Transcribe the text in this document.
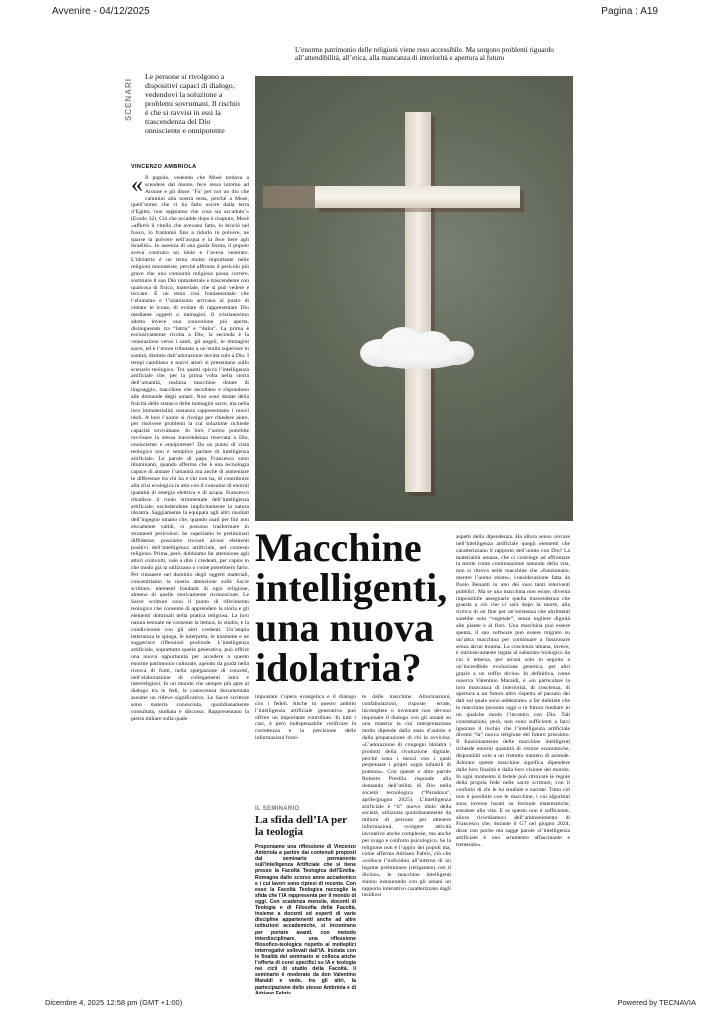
Avvenire - 04/12/2025	Pagina : A19
L’enorme patrimonio delle religioni viene reso accessibile. Ma sorgono problemi riguardo all’attendibilità, all’etica, alla mancanza di interiorità e apertura al futuro
SCENARI
Le persone si rivolgono a dispositivi capaci di dialogo, vedendovi la soluzione a problemi sovrumani. Il rischio è che si ravvisi in essi la trascendenza del Dio onnisciente e onnipotente
VINCENZO AMBRIOLA
« Il popolo, vedendo che Mosè tardava a scendere dal monte, fece ressa intorno ad Aronne e gli disse: ‘Fa’ per noi un dio che cammini alla nostra testa, perché a Mosè, quell’uomo che ci ha fatto uscire dalla terra d’Egitto, non sappiamo che cosa sia accaduto’» (Esodo 32). Ciò che accadde dopo è risaputo, Mosè «afferrò il vitello che avevano fatto, lo bruciò nel fuoco, lo frantumò fino a ridurlo in polvere, ne sparse la polvere nell’acqua e la fece bere agli Israeliti». In assenza di una guida ferma, il popolo aveva costruito un idolo e l’aveva venerato. L’idolatria è un tema molto importante nelle religioni monoteiste, perché affronta il pericolo più grave che una comunità religiosa possa correre, sostituire il suo Dio immateriale e trascendente con qualcosa di fisico, materiale, che si può vedere e toccare. È un tema così fondamentale che l’ebraismo e l’islamismo arrivano al punto di vietare le icone, di evitare di rappresentare Dio mediante oggetti o immagini. Il cristianesimo adotta invece una concezione più aperta, distinguendo tra “latria” e “dulia”. La prima è esclusivamente rivolta a Dio, la seconda è la venerazione verso i santi, gli angeli, le immagini sacre, ed è l’onore tributato a un’entità superiore in santità, distinto dall’adorazione dovuta solo a Dio. I tempi cambiano e nuovi attori si presentano sullo scenario teologico. Tra questi spicca l’intelligenza artificiale che, per la prima volta nella storia dell’umanità, realizza macchine dotate di linguaggio, macchine che ascoltano e rispondono alle domande degli umani. Non sono dotate della fisicità delle statue e delle immagini sacre, ma nella loro immaterialità sostanza rappresentano i nuovi idoli. A loro l’uomo si rivolge per chiedere aiuto, per risolvere problemi la cui soluzione richiede capacità sovrumane. In loro l’uomo potrebbe ravvisare la stessa trascendenza riservata a Dio, onnisciente e onnipotente? Da un punto di vista teologico non è semplice parlare di intelligenza artificiale. Le parole di papa Francesco sono illuminanti, quando afferma che è una tecnologia capace di aiutare l’umanità ma anche di aumentare le differenze tra chi ha e chi non ha, di contribuire alla crisi ecologica in atto con il consumo di enormi quantità di energia elettrica e di acqua. Francesco ribadisce il ruolo strumentale dell’intelligenza artificiale, escludendone implicitamente la natura idolatra. Saggiamente la equipara agli altri risultati dell’ingegno umano che, quando usati per fini non eticamente validi, si possono trasformare in strumenti pericolosi. Se superiamo le preliminari diffidenze, possiamo trovare alcuni elementi positivi dell’intelligenza artificiale, nel contesto religioso. Prima, però, dobbiamo far attenzione agli attori coinvolti, vale a dire i credenti, per capire in che modo già la utilizzano o come potrebbero farlo. Per rimanere nel dominio degli oggetti materiali, concentriamo la nostra attenzione sulle Sacre scritture, elementi fondanti di ogni religione, almeno di quelle storicamente riconosciute. Le Sacre scritture sono il punto di riferimento teologico che consente di apprendere la storia e gli elementi dottrinali della pratica religiosa. La loro natura testuale ne consente la lettura, lo studio, e la condivisione con gli altri credenti. Un’ampia letteratura le spiega, le interpreta, le trasmette e ne suggerisce riflessioni profonde. L’intelligenza artificiale, soprattutto quella generativa, può offrire una nuova opportunità per accedere a questo enorme patrimonio culturale, agendo da guida nella ricerca di fonti, nella spiegazione di concetti, nell’elaborazione di collegamenti intra e interreligiosi. In un mondo che sempre più apre al dialogo tra le fedi, la conoscenza documentata assume un rilievo significativo. Le Sacre scritture sono materia conosciuta, quotidianamente consultata, studiata e discussa. Rappresentano la pietra miliare sulla quale
Macchine intelligenti, una nuova idolatria?
impostare l’opera evangelica e il dialogo con i fedeli. Anche in questo ambito l’intelligenza artificiale generativa può offrire un importante contributo. In tutti i casi, è però indispensabile verificare la correttezza e la precisione delle informazioni forni-
te dalle macchine. Allucinazioni, confabulazioni, risposte errate, incomplete o inventate non devono inquinare il dialogo con gli umani su una materia la cui interpretazione molto dipende dallo stato d’animo e dalla preparazione di chi la avvicina. «L’adorazione di congegni idolatra i prodotti della rivoluzione digitale, perché sono i mezzi con i quali perpetuare i propri sogni infantili di potenza». Con queste e altre parole Roberto Presilla risponde alla domanda dell’utilità di Dio nella società tecnologica (“Paradoxa”, aprile/giugno 2025). L’intelligenza artificiale è “il” nuovo idolo della società, utilizzata quotidianamente da milioni di persone per ottenere informazioni, svolgere attività lavorative anche complesse, ma anche per svago e conforto psicologico. Se la religione non è l’oppio dei popoli ma, come afferma Adriano Fabris, ciò che «colloca l’individuo all’interno di un legame preliminare (religamen) con il divino», le macchine intelligenti stanno instaurando con gli umani un rapporto interattivo caratterizzato dagli insidiosi
aspetti della dipendenza. Ha allora senso cercare nell’intelligenza artificiale quegli elementi che caratterizzano il rapporto dell’uomo con Dio? La materialità umana, che ci costringe ad affrontare la morte come continuazione naturale della vita, non si ritrova nelle macchine che «funzionano, mentre l’uomo esiste», considerazione fatta da Paolo Benanti in uno dei suoi tanti interventi pubblici. Ma se una macchina non esiste, diventa impossibile assegnarle quella trascendenza che guarda a ciò che ci sarà dopo la morte, alla ricerca di un fine per un’esistenza che altrimenti sarebbe solo “vegetale”, senza togliere dignità alle piante e ai fiori. Una macchina può essere spenta, il suo software può essere migrato su un’altra macchina per continuare a funzionare senza alcun trauma. La coscienza umana, invece, è intrinsecamente legata al substrato biologico da cui è emersa, per alcuni solo in seguito a un’incredibile evoluzione genetica, per altri grazie a un soffio divino. In definitiva, come osserva Valentino Maraldi, è «in particolare la loro mancanza di interiorità, di coscienza, di apertura a un futuro altro rispetto al passato dei dati sul quale sono addestrate» a far dubitare che le macchine possano oggi o in futuro mediare in un qualche modo l’incontro con Dio. Tali constatazioni, però, non sono sufficienti a farci ignorare il rischio che l’intelligenza artificiale diventi “la” nuova religione del futuro prossimo. Il funzionamento delle macchine intelligenti richiede enormi quantità di risorse economiche, disponibili solo a un ristretto numero di aziende. Adorare queste macchine significa dipendere dalle loro finalità e dalla loro visione del mondo. In ogni momento il fedele può ritrovare le regole della propria fede nelle sacre scritture, con il conforto di chi le ha studiate e narrate. Tutto ciò non è possibile con le macchine, i cui algoritmi sono inverse basati su formule matematiche, estranee alla vita. E se questo non è sufficiente, allora ricordiamoci dell’ammonimento di Francesco che, durante il G7 nel giugno 2024, disse con poche ma sagge parole «l’intelligenza artificiale è uno strumento affascinante e tremendo».
IL SEMINARIO
La sfida dell’IA per la teologia
Proponiamo una riflessione di Vincenzo Ambriola a partire dai contenuti proposti dal seminario permanente sull’Intelligenza Artificiale che si tiene presso la Facoltà Teologica dell’Emilia-Romagna dallo scorso anno accademico e i cui lavori sono ripresi di recente. Con esso la Facoltà Teologica raccoglie la sfida che l’IA rappresenta per il mondo di oggi. Con scadenza mensile, docenti di Teologia e di Filosofia della Facoltà, insieme a docenti ed esperti di varie discipline appartenenti anche ad altre istituzioni accademiche, si incontrano per portare avanti, con metodo interdisciplinare, una riflessione filosofico-teologica rispetto ai molteplici interrogativi sollevati dall’IA. Iniziata con le finalità del seminario si colloca anche l’offerta di corsi specifici su IA e teologia nei cicli di studio della Facoltà. Il seminario è moderato da don Valentino Maraldi e vede, tra gli altri, la partecipazione dello stesso Ambriola e di
Dicembre 4, 2025 12:58 pm (GMT +1:00)	Powered by TECNAVIA
